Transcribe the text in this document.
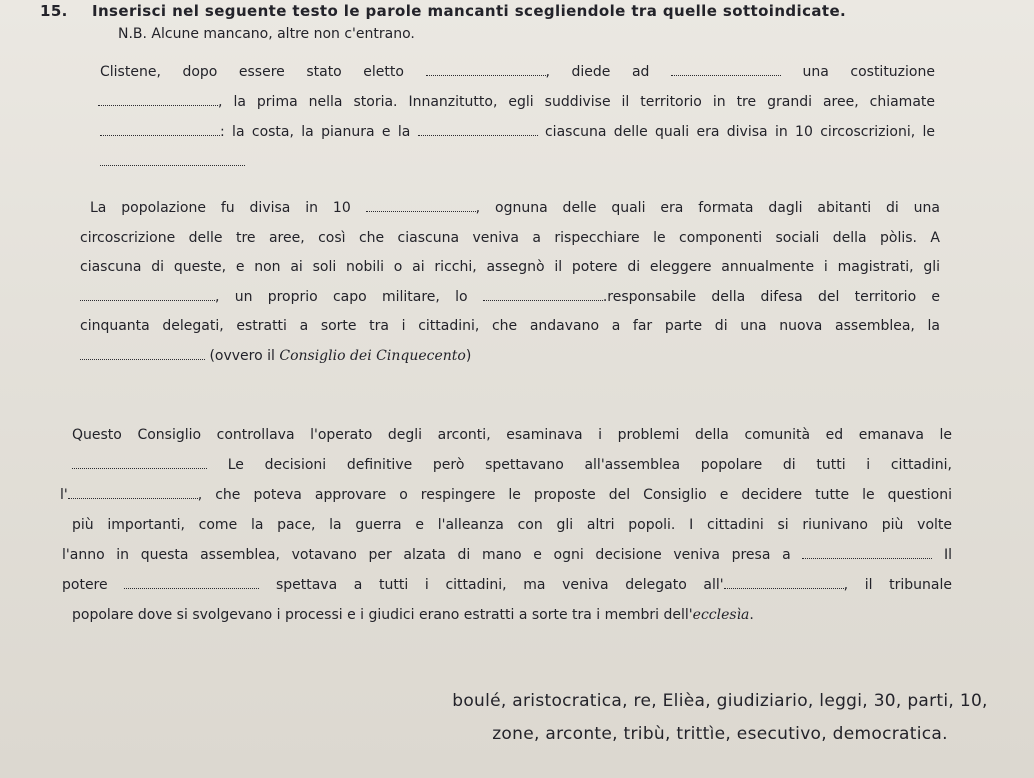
15.	Inserisci nel seguente testo le parole mancanti scegliendole tra quelle sottoindicate.
N.B. Alcune mancano, altre non c'entrano.
Clistene, dopo essere stato eletto	, diede ad	una costituzione
, la prima nella storia. Innanzitutto, egli suddivise il territorio in tre grandi aree, chiamate
: la costa, la pianura e la	ciascuna delle quali era divisa in 10 circoscrizioni, le
La popolazione fu divisa in 10	, ognuna delle quali era formata dagli abitanti di una
circoscrizione delle tre aree, così che ciascuna veniva a rispecchiare le componenti sociali della pòlis. A
ciascuna di queste, e non ai soli nobili o ai ricchi, assegnò il potere di eleggere annualmente i magistrati, gli
, un proprio capo militare, lo	.responsabile della difesa del territorio e
cinquanta delegati, estratti a sorte tra i cittadini, che andavano a far parte di una nuova assemblea, la
(ovvero il Consiglio dei Cinquecento)
Questo Consiglio controllava l'operato degli arconti, esaminava i problemi della comunità ed emanava le
Le decisioni definitive però spettavano all'assemblea popolare di tutti i cittadini,
l'	, che poteva approvare o respingere le proposte del Consiglio e decidere tutte le questioni
più importanti, come la pace, la guerra e l'alleanza con gli altri popoli. I cittadini si riunivano più volte
l'anno in questa assemblea, votavano per alzata di mano e ogni decisione veniva presa a	Il
potere	spettava a tutti i cittadini, ma veniva delegato all'	, il tribunale
popolare dove si svolgevano i processi e i giudici erano estratti a sorte tra i membri dell'ecclesìa.
boulé, aristocratica, re, Elièa, giudiziario, leggi, 30, parti, 10,
zone, arconte, tribù, trittìe, esecutivo, democratica.
